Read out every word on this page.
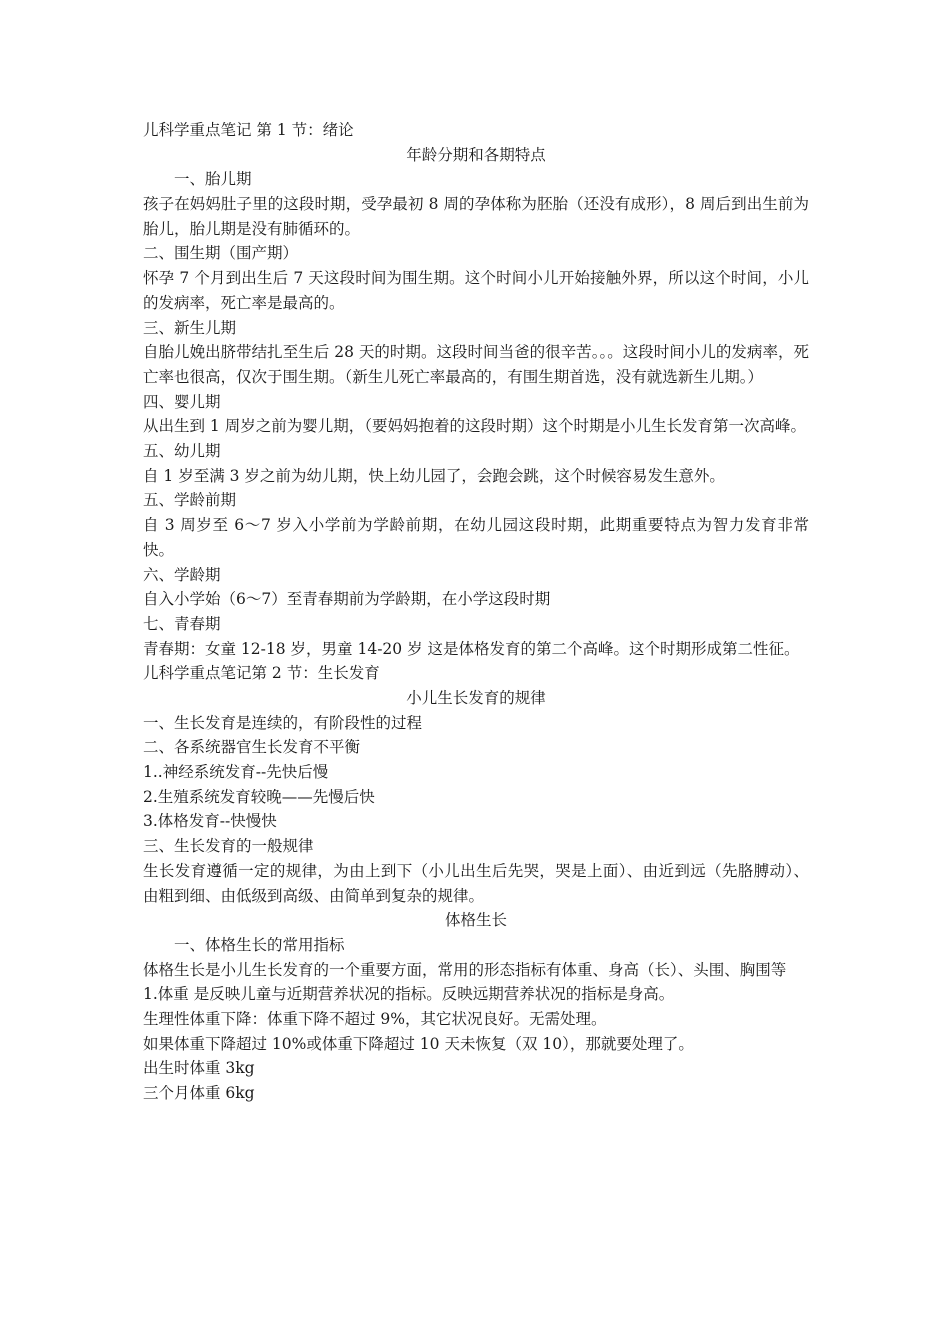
儿科学重点笔记 第 1 节：绪论
年龄分期和各期特点
一、胎儿期
孩子在妈妈肚子里的这段时期，受孕最初 8 周的孕体称为胚胎（还没有成形），8 周后到出生前为胎儿，胎儿期是没有肺循环的。
二、围生期（围产期）
怀孕 7 个月到出生后 7 天这段时间为围生期。这个时间小儿开始接触外界，所以这个时间，小儿的发病率，死亡率是最高的。
三、新生儿期
自胎儿娩出脐带结扎至生后 28 天的时期。这段时间当爸的很辛苦。。。这段时间小儿的发病率，死亡率也很高，仅次于围生期。（新生儿死亡率最高的，有围生期首选，没有就选新生儿期。）
四、婴儿期
从出生到 1 周岁之前为婴儿期，（要妈妈抱着的这段时期）这个时期是小儿生长发育第一次高峰。
五、幼儿期
自 1 岁至满 3 岁之前为幼儿期，快上幼儿园了，会跑会跳，这个时候容易发生意外。
五、学龄前期
自 3 周岁至 6～7 岁入小学前为学龄前期，在幼儿园这段时期，此期重要特点为智力发育非常快。
六、学龄期
自入小学始（6～7）至青春期前为学龄期，在小学这段时期
七、青春期
青春期：女童 12-18 岁，男童 14-20 岁 这是体格发育的第二个高峰。这个时期形成第二性征。
儿科学重点笔记第 2 节：生长发育
小儿生长发育的规律
一、生长发育是连续的，有阶段性的过程
二、各系统器官生长发育不平衡
1..神经系统发育--先快后慢
2.生殖系统发育较晚——先慢后快
3.体格发育--快慢快
三、生长发育的一般规律
生长发育遵循一定的规律，为由上到下（小儿出生后先哭，哭是上面）、由近到远（先胳膊动）、由粗到细、由低级到高级、由简单到复杂的规律。
体格生长
一、体格生长的常用指标
体格生长是小儿生长发育的一个重要方面，常用的形态指标有体重、身高（长）、头围、胸围等
1.体重 是反映儿童与近期营养状况的指标。反映远期营养状况的指标是身高。
生理性体重下降：体重下降不超过 9%，其它状况良好。无需处理。
如果体重下降超过 10%或体重下降超过 10 天未恢复（双 10），那就要处理了。
出生时体重 3kg
三个月体重 6kg
